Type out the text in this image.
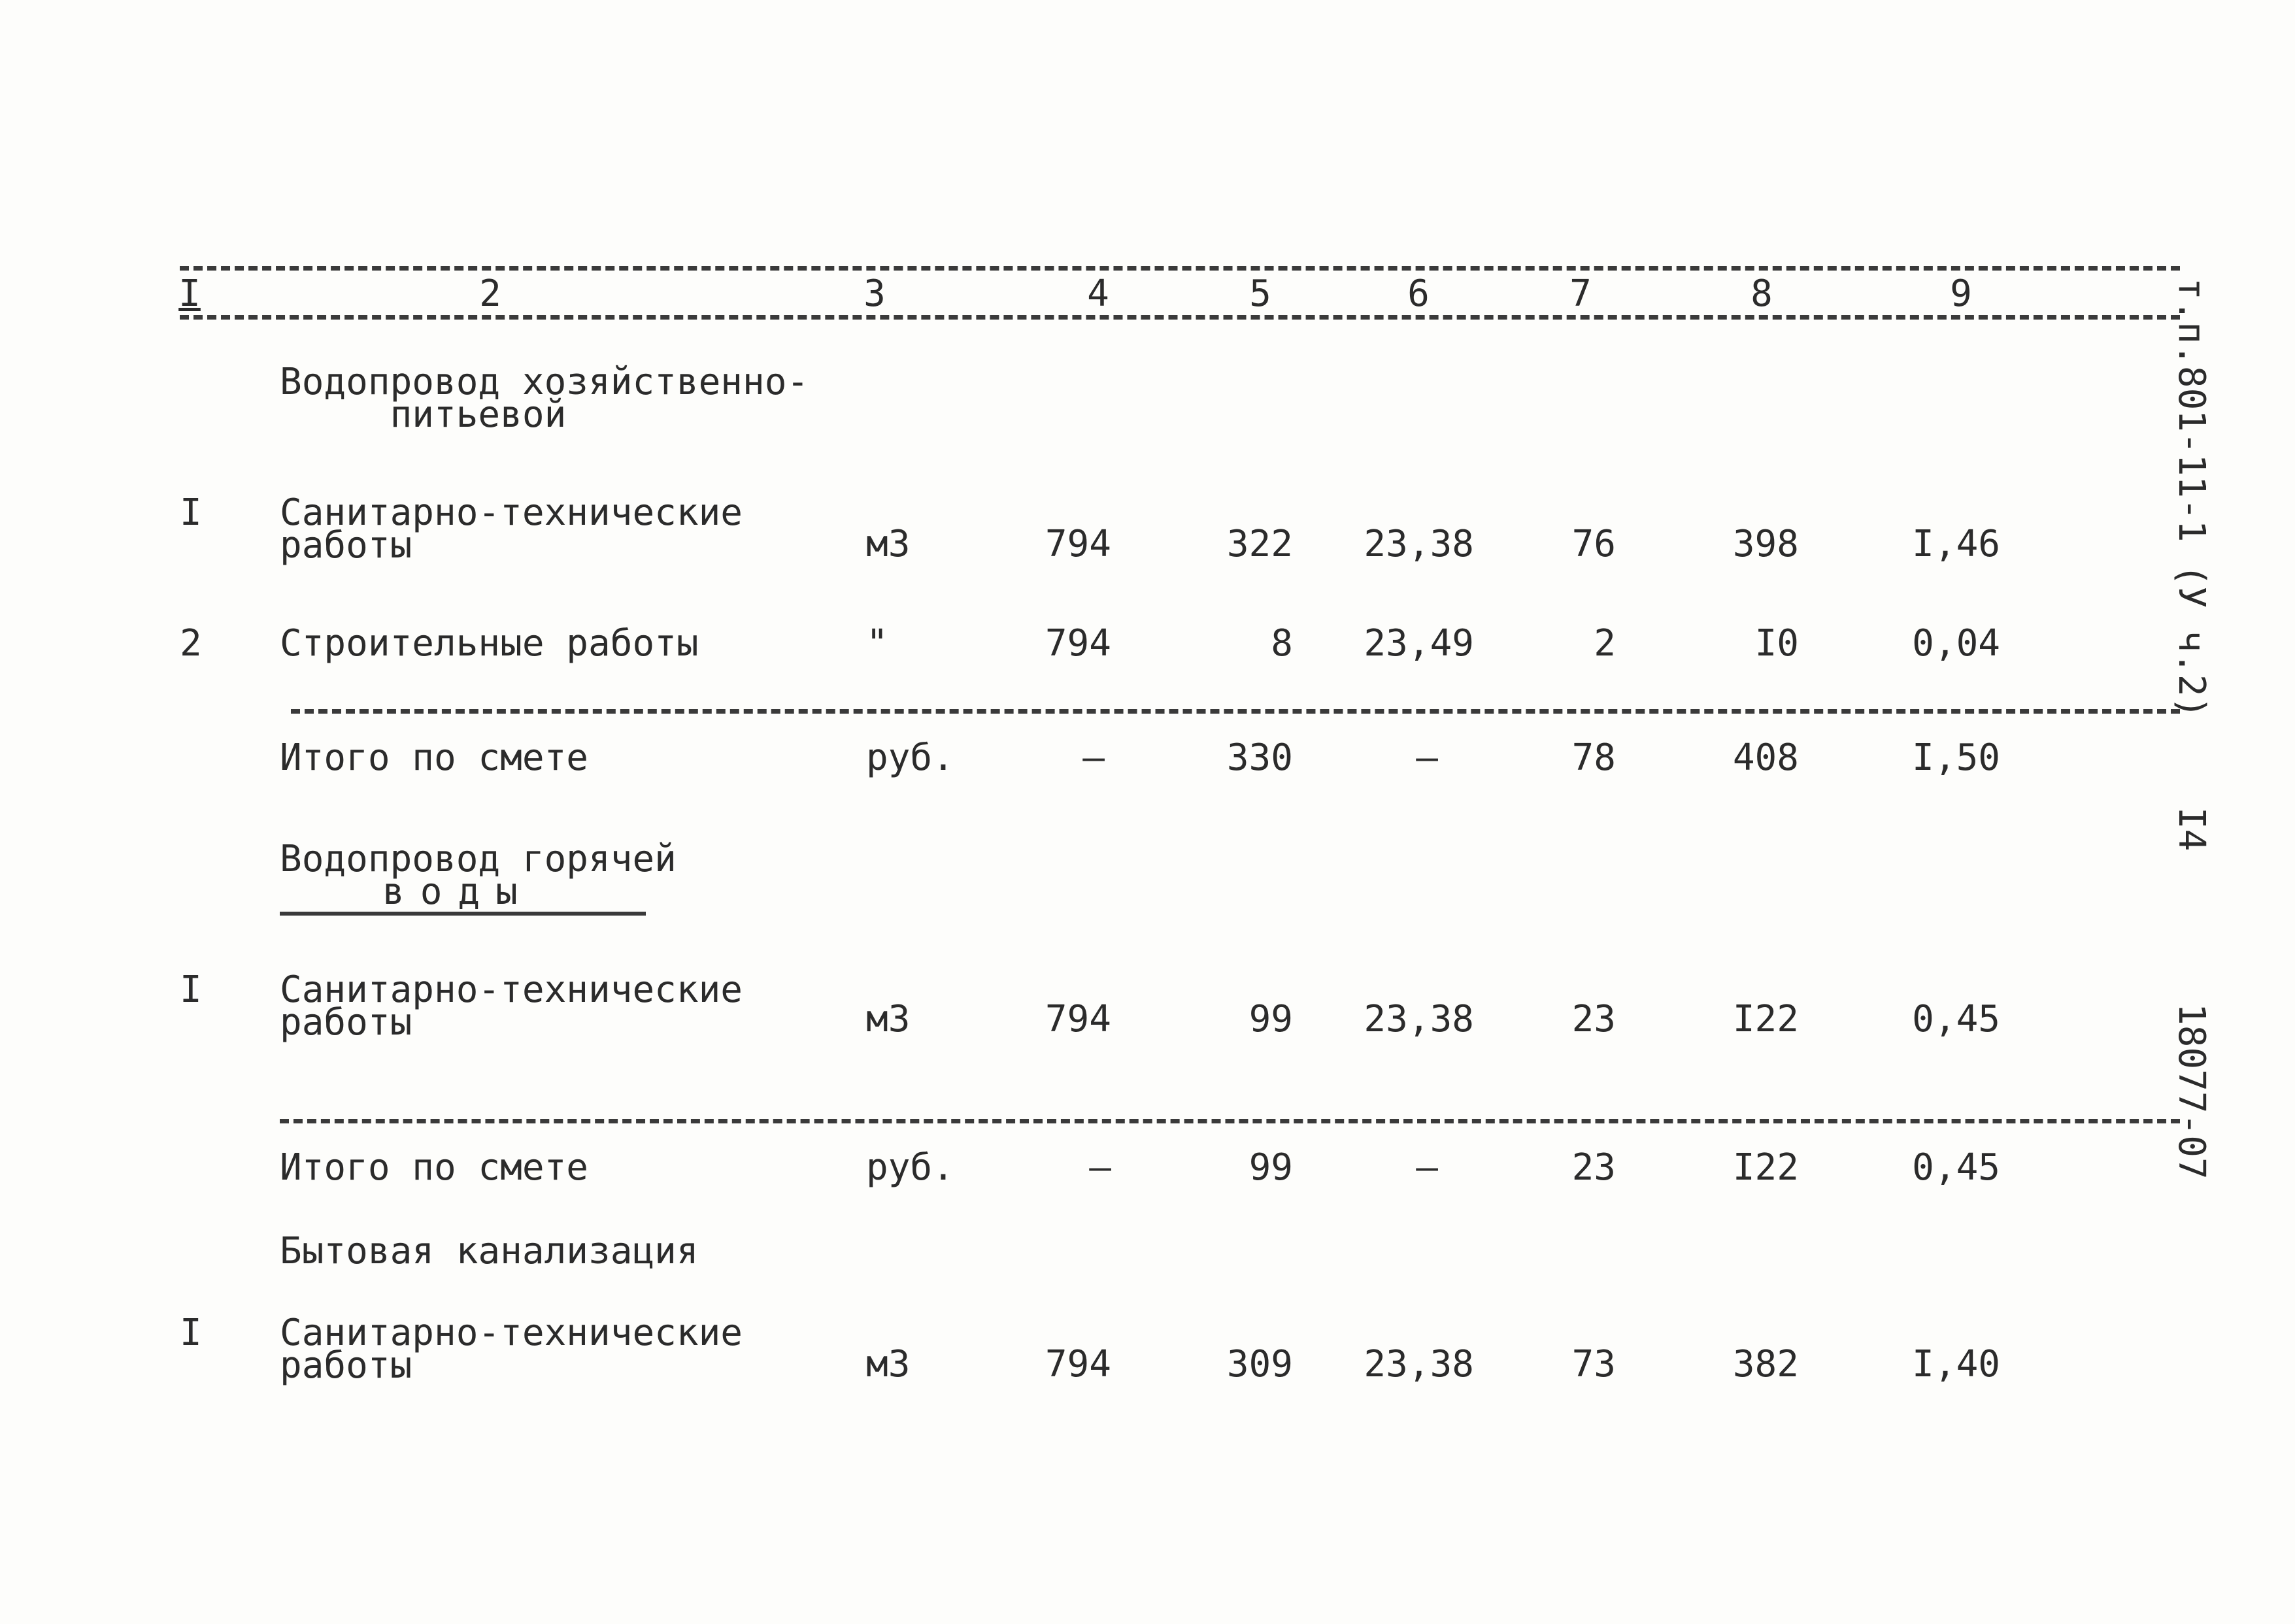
I	2	3	4	5	6	7	8	9
Водопровод хозяйственно-
питьевой
I Санитарно-технические
работы	м3	794	322 23,38	76	398	I,46
2 Строительные работы	"	794	8 23,49	2	I0	0,04
Итого по смете	руб.	–	330	–	78	408	I,50
Водопровод горячей
воды
I Санитарно-технические
работы	м3	794	99 23,38	23	I22	0,45
Итого по смете	руб.	–	99	–	23	I22	0,45
Бытовая канализация
I Санитарно-технические
работы	м3	794	309 23,38	73	382	I,40
т.п.801-11-1 (У ч.2)
I4
18077-07
